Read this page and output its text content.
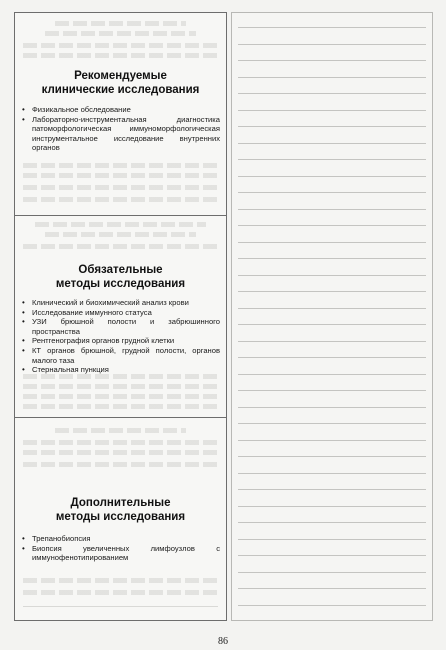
Рекомендуемые
клинические исследования

• Физикальное обследование
• Лабораторно-инструментальная диагностика патоморфологическая иммуноморфологическая инструментальное исследование внутренних органов

Обязательные
методы исследования

• Клинический и биохимический анализ крови
• Исследование иммунного статуса
• УЗИ брюшной полости и забрюшинного пространства
• Рентгенография органов грудной клетки
• КТ органов брюшной, грудной полости, органов малого таза
• Стернальная пункция

Дополнительные
методы исследования

• Трепанобиопсия
• Биопсия увеличенных лимфоузлов с иммунофенотипированием

86
